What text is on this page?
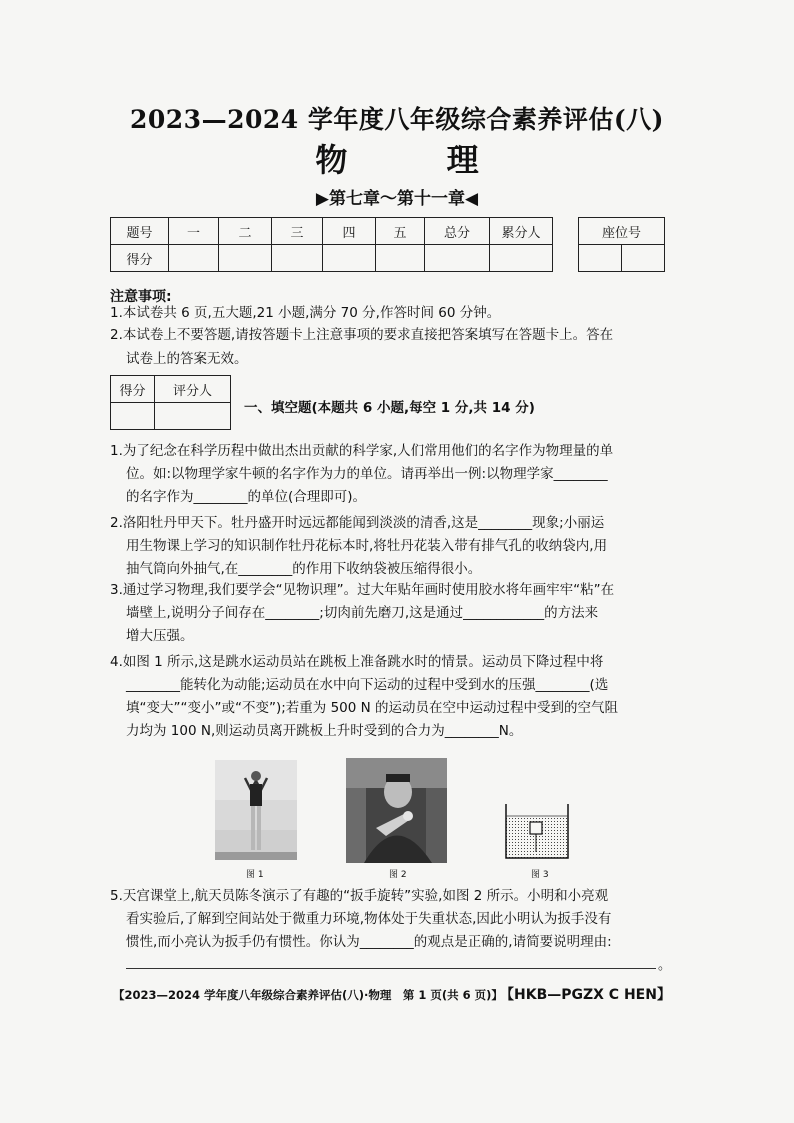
2023—2024 学年度八年级综合素养评估(八)
物 理
▶第七章～第十一章◀
题号	一	二	三	四	五	总分	累分人
得分							
座位号

注意事项:
1.本试卷共 6 页,五大题,21 小题,满分 70 分,作答时间 60 分钟。
2.本试卷上不要答题,请按答题卡上注意事项的要求直接把答案填写在答题卡上。答在
试卷上的答案无效。
得分	评分人

一、填空题(本题共 6 小题,每空 1 分,共 14 分)
1.为了纪念在科学历程中做出杰出贡献的科学家,人们常用他们的名字作为物理量的单
位。如:以物理学家牛顿的名字作为力的单位。请再举出一例:以物理学家________
的名字作为________的单位(合理即可)。
2.洛阳牡丹甲天下。牡丹盛开时远远都能闻到淡淡的清香,这是________现象;小丽运
用生物课上学习的知识制作牡丹花标本时,将牡丹花装入带有排气孔的收纳袋内,用
抽气筒向外抽气,在________的作用下收纳袋被压缩得很小。
3.通过学习物理,我们要学会“见物识理”。过大年贴年画时使用胶水将年画牢牢“粘”在
墙壁上,说明分子间存在________;切肉前先磨刀,这是通过____________的方法来
增大压强。
4.如图 1 所示,这是跳水运动员站在跳板上准备跳水时的情景。运动员下降过程中将
________能转化为动能;运动员在水中向下运动的过程中受到水的压强________(选
填“变大”“变小”或“不变”);若重为 500 N 的运动员在空中运动过程中受到的空气阻
力均为 100 N,则运动员离开跳板上升时受到的合力为________N。
图 1	图 2	图 3
5.天宫课堂上,航天员陈冬演示了有趣的“扳手旋转”实验,如图 2 所示。小明和小亮观
看实验后,了解到空间站处于微重力环境,物体处于失重状态,因此小明认为扳手没有
惯性,而小亮认为扳手仍有惯性。你认为________的观点是正确的,请简要说明理由:
。
【2023—2024 学年度八年级综合素养评估(八)·物理　第 1 页(共 6 页)】
【HKB—PGZX C HEN】
